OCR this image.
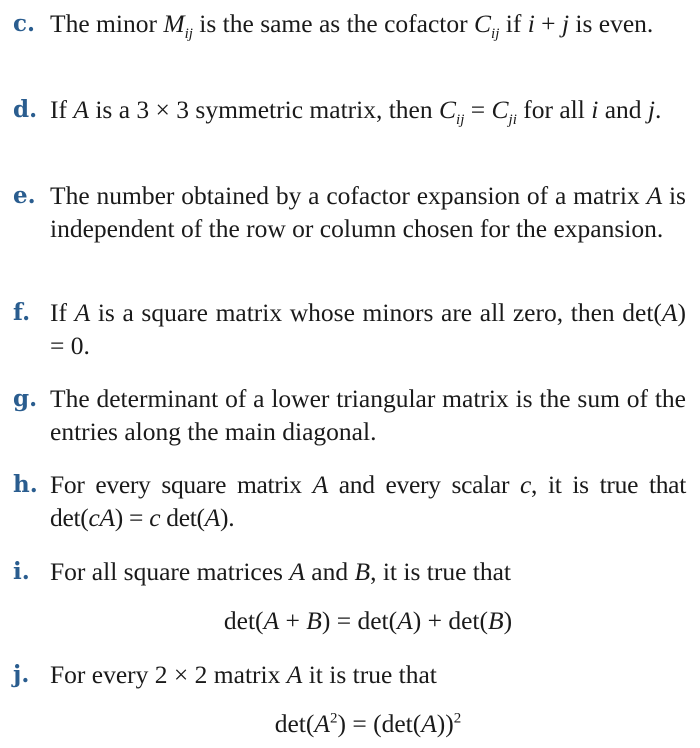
c. The minor $M_{ij}$ is the same as the cofactor $C_{ij}$ if i + j is even.
d. If A is a 3 × 3 symmetric matrix, then $C_{ij} = C_{ji}$ for all i and j.
e. The number obtained by a cofactor expansion of a matrix A is independent of the row or column chosen for the expansion.
f. If A is a square matrix whose minors are all zero, then det(A) = 0.
g. The determinant of a lower triangular matrix is the sum of the entries along the main diagonal.
h. For every square matrix A and every scalar c, it is true that det(cA) = c det(A).
i. For all square matrices A and B, it is true that
det(A + B) = det(A) + det(B)
j. For every 2 × 2 matrix A it is true that
$\det(A^2) = (\det(A))^2$
